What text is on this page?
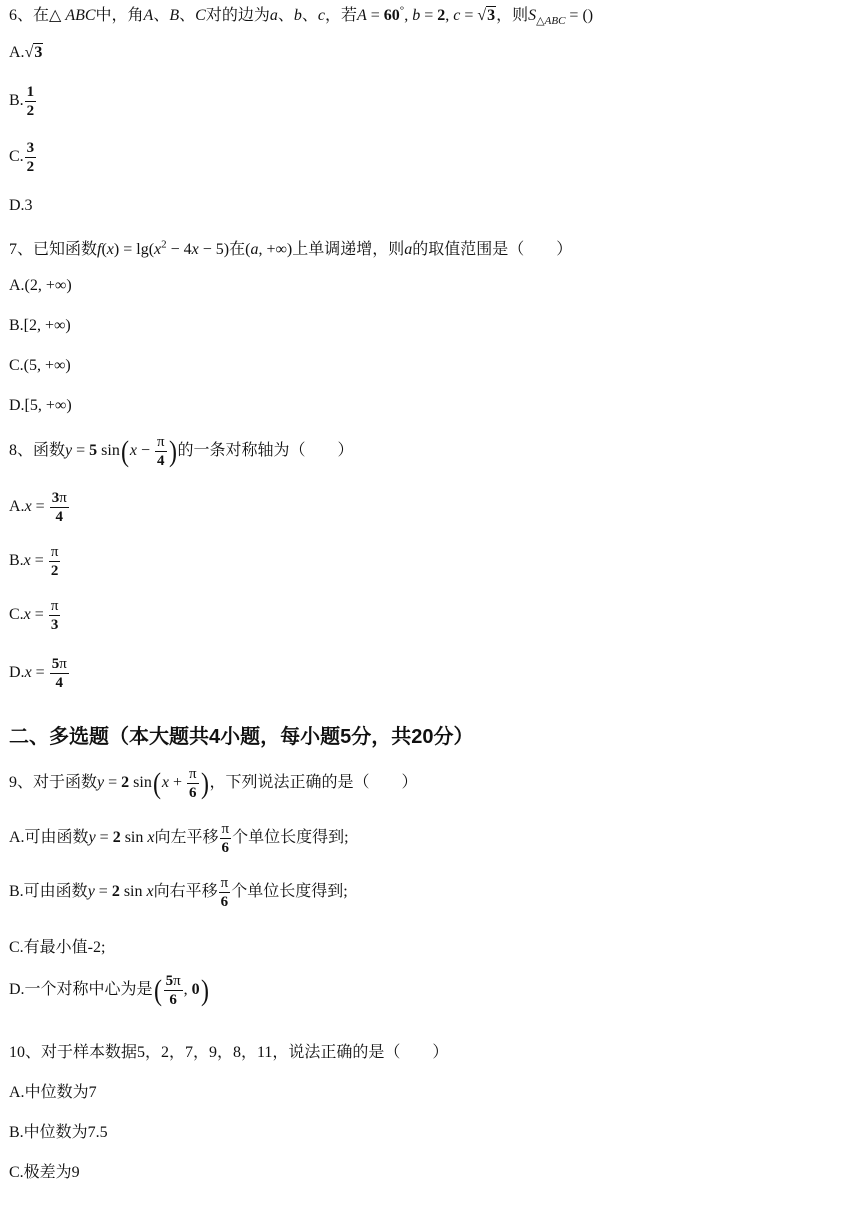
6、在△ ABC中，角A、B、C对的边为a、b、c，若A = 60°, b = 2, c = √3，则$S_{\triangle ABC}$ = ()
A.√3
B. $\frac{1}{2}$
C. $\frac{3}{2}$
D.3
7、已知函数$f(x) = \lg(x^2 - 4x - 5)$在(a, +∞)上单调递增，则a的取值范围是（　　）
A.(2, +∞)
B.[2, +∞)
C.(5, +∞)
D.[5, +∞)
8、函数y = 5 $\sin(x - \frac{\pi}{4}$ )的一条对称轴为（　　）
$A.x = \frac{3\pi}{4}$
$B.x = \frac{\pi}{2}$
$C.x = \frac{\pi}{3}$
$D.x = \frac{5\pi}{4}$
二、多选题（本大题共4小题，每小题5分，共20分）
9、对于函数y = 2 $\sin(x + \frac{\pi}{6}$ )，下列说法正确的是（　　）
A.可由函数y = 2 sin x向左平移 $\frac{\pi}{6}$ 个单位长度得到;
B.可由函数y = 2 sin x向右平移 $\frac{\pi}{6}$ 个单位长度得到;
C.有最小值-2;
D.一个对称中心为是( $\frac{5\pi}{6}$ , 0)
10、对于样本数据5，2，7，9，8，11，说法正确的是（　　）
A.中位数为7
B.中位数为7.5
C.极差为9
